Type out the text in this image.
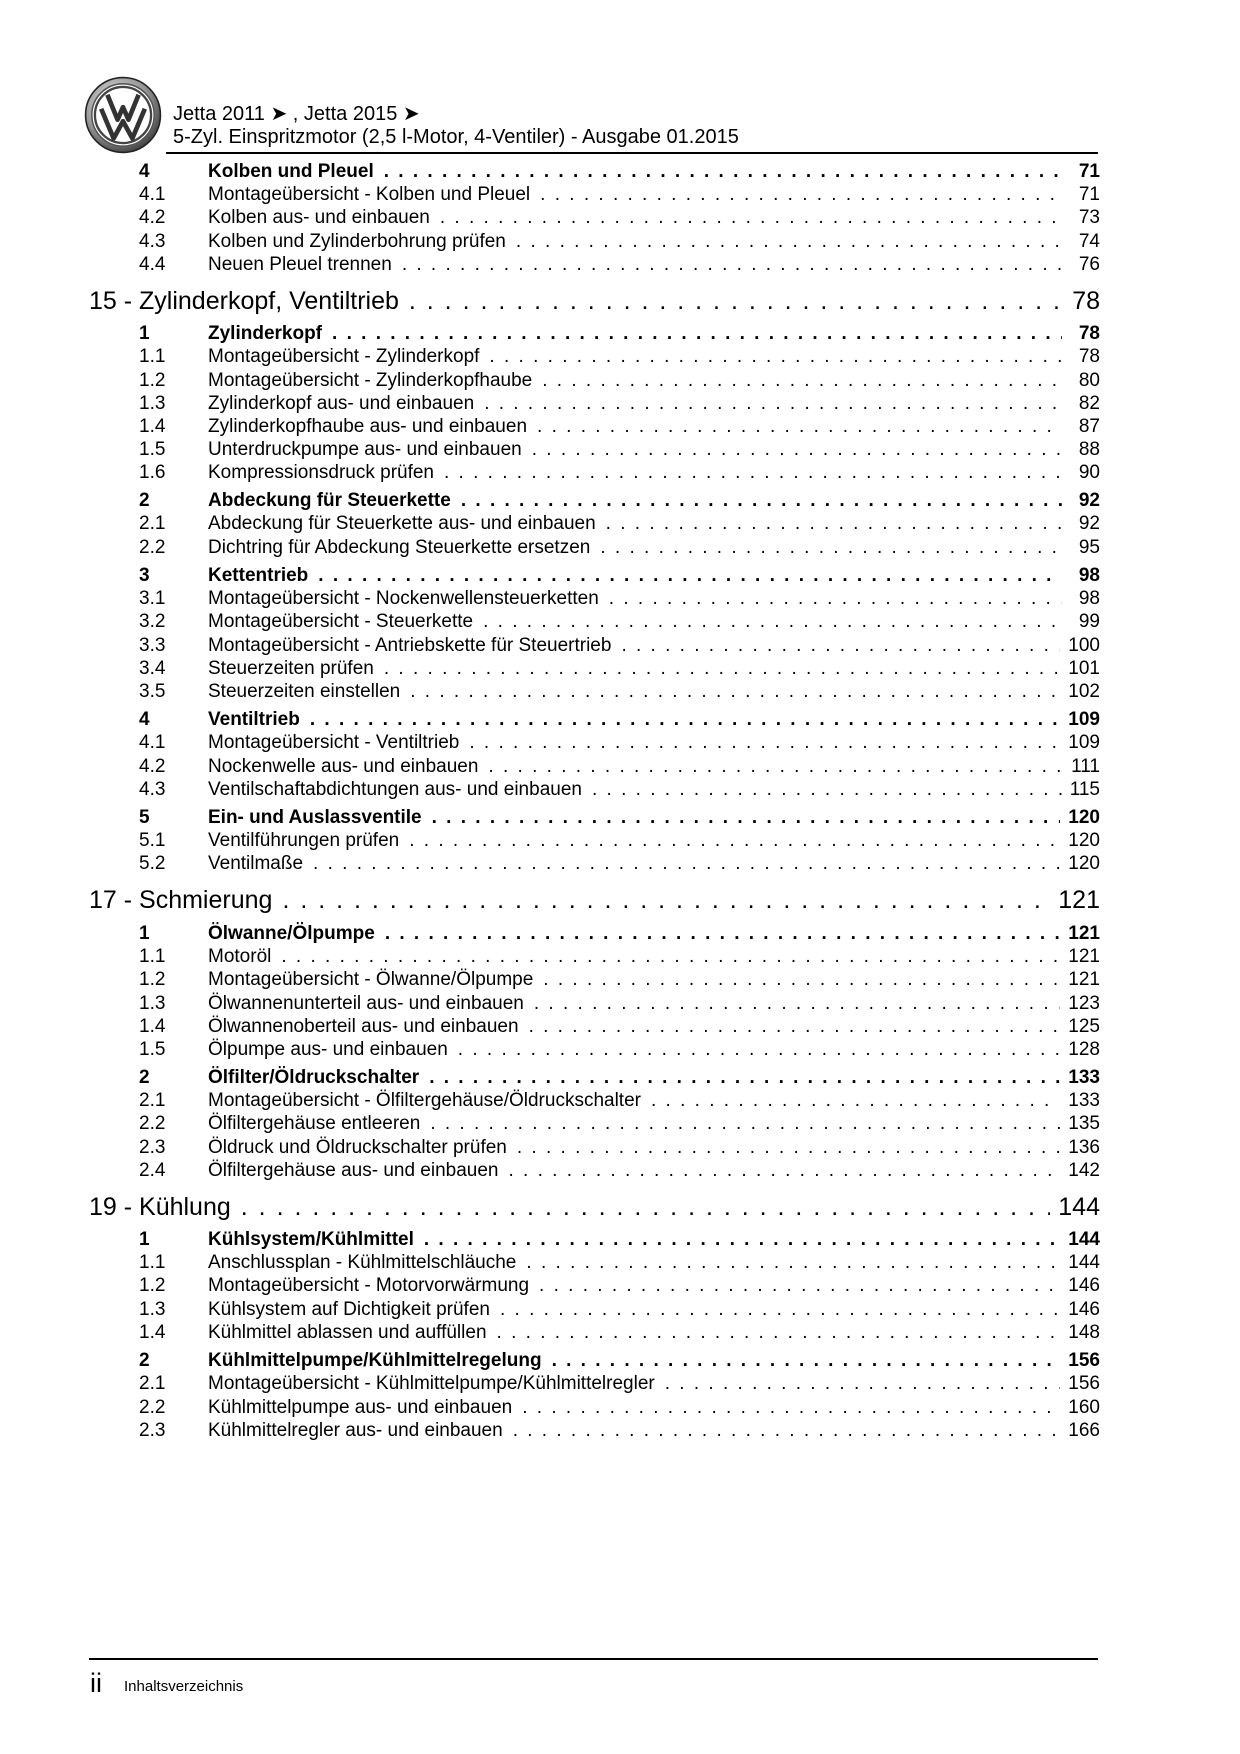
Jetta 2011 ➤ , Jetta 2015 ➤
5-Zyl. Einspritzmotor (2,5 l-Motor, 4-Ventiler) - Ausgabe 01.2015
4	Kolben und Pleuel . . .	71
4.1	Montageübersicht - Kolben und Pleuel . . .	71
4.2	Kolben aus- und einbauen . . .	73
4.3	Kolben und Zylinderbohrung prüfen . . .	74
4.4	Neuen Pleuel trennen . . .	76
15 - Zylinderkopf, Ventiltrieb . . .	78
1	Zylinderkopf . . .	78
1.1	Montageübersicht - Zylinderkopf . . .	78
1.2	Montageübersicht - Zylinderkopfhaube . . .	80
1.3	Zylinderkopf aus- und einbauen . . .	82
1.4	Zylinderkopfhaube aus- und einbauen . . .	87
1.5	Unterdruckpumpe aus- und einbauen . . .	88
1.6	Kompressionsdruck prüfen . . .	90
2	Abdeckung für Steuerkette . . .	92
2.1	Abdeckung für Steuerkette aus- und einbauen . . .	92
2.2	Dichtring für Abdeckung Steuerkette ersetzen . . .	95
3	Kettentrieb . . .	98
3.1	Montageübersicht - Nockenwellensteuerketten . . .	98
3.2	Montageübersicht - Steuerkette . . .	99
3.3	Montageübersicht - Antriebskette für Steuertrieb . . .	100
3.4	Steuerzeiten prüfen . . .	101
3.5	Steuerzeiten einstellen . . .	102
4	Ventiltrieb . . .	109
4.1	Montageübersicht - Ventiltrieb . . .	109
4.2	Nockenwelle aus- und einbauen . . .	111
4.3	Ventilschaftabdichtungen aus- und einbauen . . .	115
5	Ein- und Auslassventile . . .	120
5.1	Ventilführungen prüfen . . .	120
5.2	Ventilmaße . . .	120
17 - Schmierung . . .	121
1	Ölwanne/Ölpumpe . . .	121
1.1	Motoröl . . .	121
1.2	Montageübersicht - Ölwanne/Ölpumpe . . .	121
1.3	Ölwannenunterteil aus- und einbauen . . .	123
1.4	Ölwannenoberteil aus- und einbauen . . .	125
1.5	Ölpumpe aus- und einbauen . . .	128
2	Ölfilter/Öldruckschalter . . .	133
2.1	Montageübersicht - Ölfiltergehäuse/Öldruckschalter . . .	133
2.2	Ölfiltergehäuse entleeren . . .	135
2.3	Öldruck und Öldruckschalter prüfen . . .	136
2.4	Ölfiltergehäuse aus- und einbauen . . .	142
19 - Kühlung . . .	144
1	Kühlsystem/Kühlmittel . . .	144
1.1	Anschlussplan - Kühlmittelschläuche . . .	144
1.2	Montageübersicht - Motorvorwärmung . . .	146
1.3	Kühlsystem auf Dichtigkeit prüfen . . .	146
1.4	Kühlmittel ablassen und auffüllen . . .	148
2	Kühlmittelpumpe/Kühlmittelregelung . . .	156
2.1	Montageübersicht - Kühlmittelpumpe/Kühlmittelregler . . .	156
2.2	Kühlmittelpumpe aus- und einbauen . . .	160
2.3	Kühlmittelregler aus- und einbauen . . .	166
ii Inhaltsverzeichnis
